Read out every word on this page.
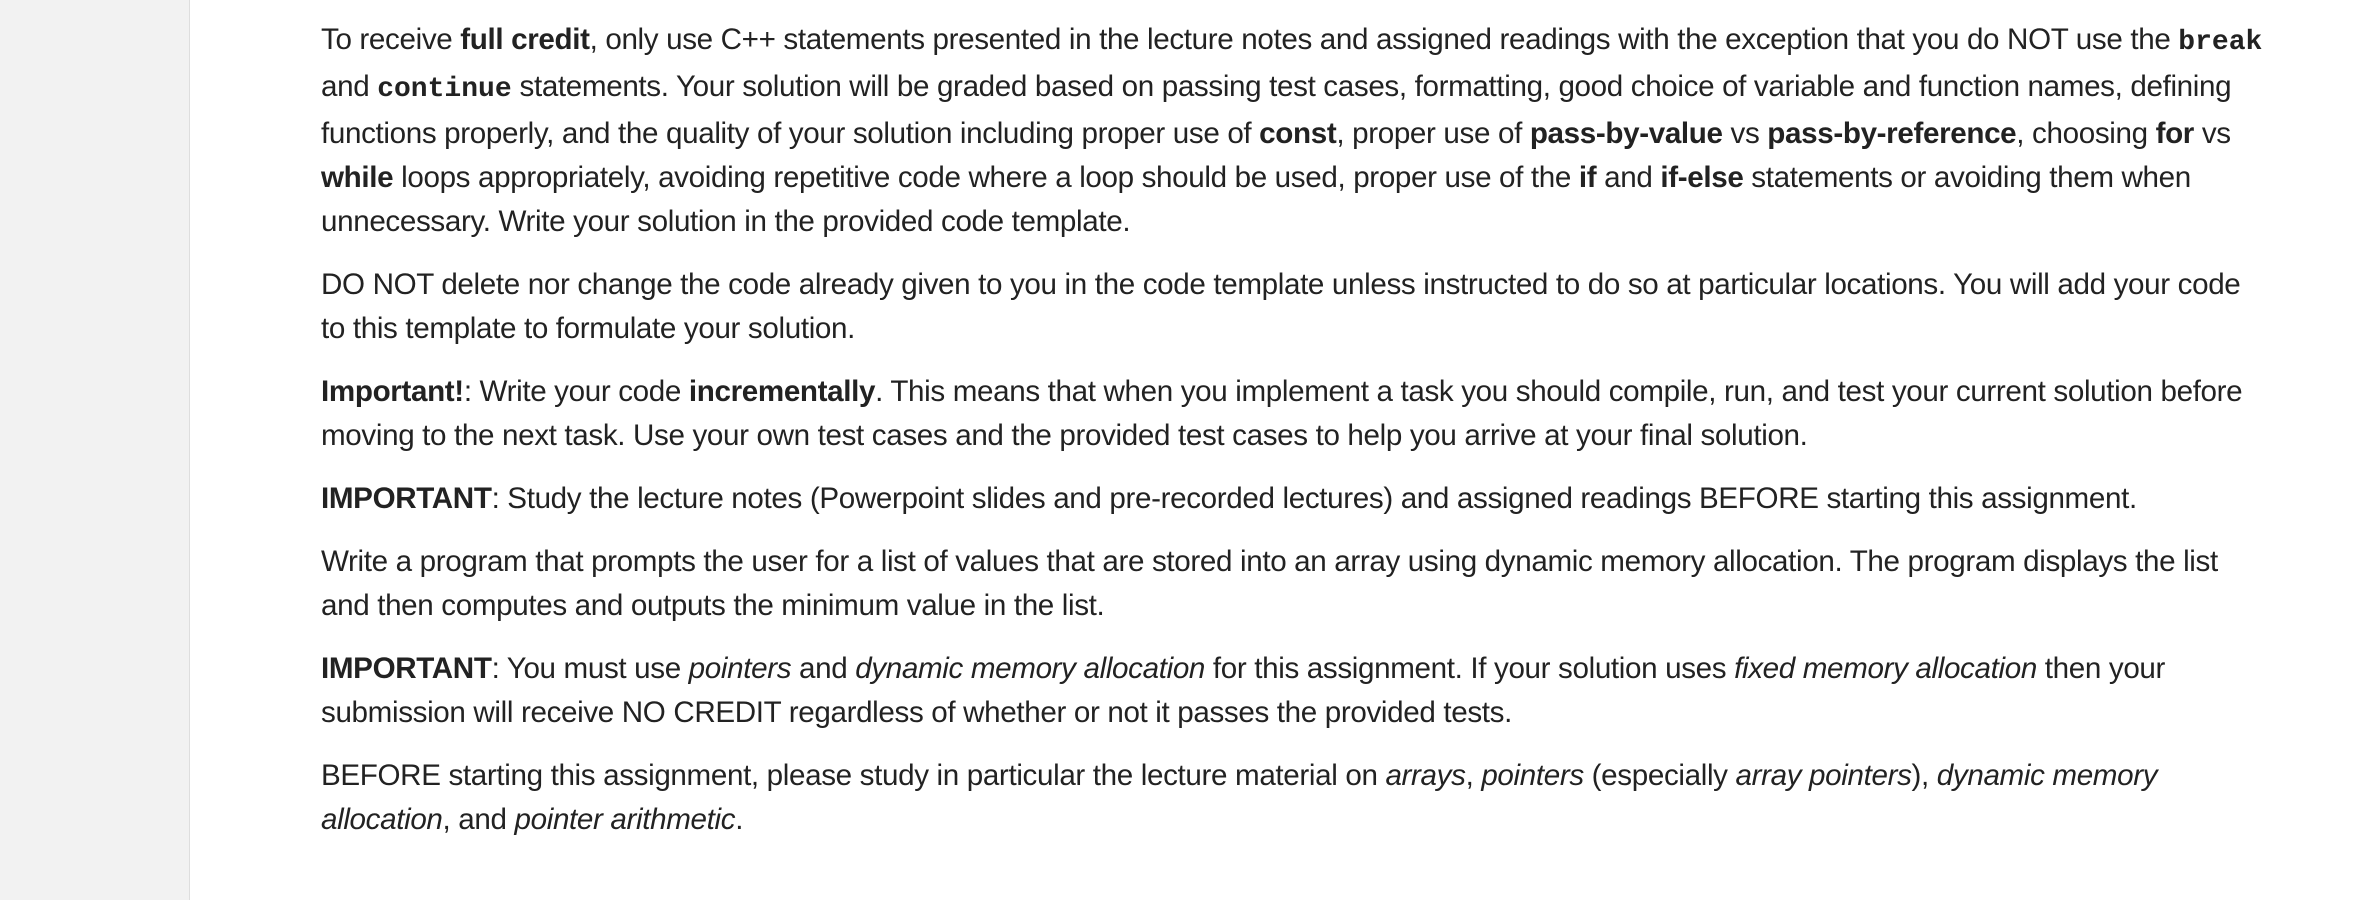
To receive full credit, only use C++ statements presented in the lecture notes and assigned readings with the exception that you do NOT use the break and continue statements. Your solution will be graded based on passing test cases, formatting, good choice of variable and function names, defining functions properly, and the quality of your solution including proper use of const, proper use of pass-by-value vs pass-by-reference, choosing for vs while loops appropriately, avoiding repetitive code where a loop should be used, proper use of the if and if-else statements or avoiding them when unnecessary. Write your solution in the provided code template.

DO NOT delete nor change the code already given to you in the code template unless instructed to do so at particular locations. You will add your code to this template to formulate your solution.

Important!: Write your code incrementally. This means that when you implement a task you should compile, run, and test your current solution before moving to the next task. Use your own test cases and the provided test cases to help you arrive at your final solution.

IMPORTANT: Study the lecture notes (Powerpoint slides and pre-recorded lectures) and assigned readings BEFORE starting this assignment.

Write a program that prompts the user for a list of values that are stored into an array using dynamic memory allocation. The program displays the list and then computes and outputs the minimum value in the list.

IMPORTANT: You must use pointers and dynamic memory allocation for this assignment. If your solution uses fixed memory allocation then your submission will receive NO CREDIT regardless of whether or not it passes the provided tests.

BEFORE starting this assignment, please study in particular the lecture material on arrays, pointers (especially array pointers), dynamic memory allocation, and pointer arithmetic.
